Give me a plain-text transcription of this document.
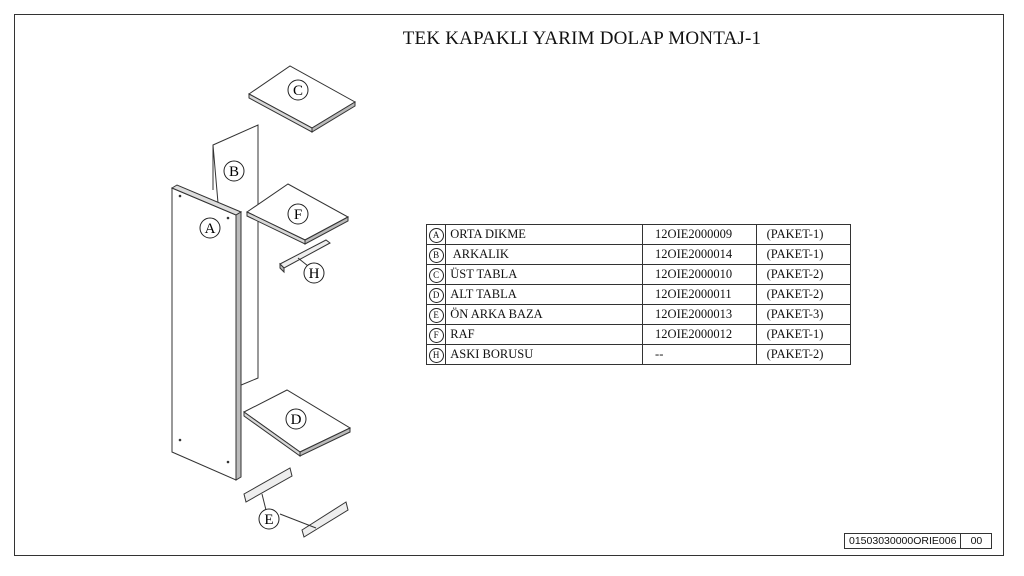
TEK KAPAKLI YARIM DOLAP MONTAJ-1
C
B
F
A
H
D
E
A	ORTA DIKME	12OIE2000009	(PAKET-1)
B	ARKALIK	12OIE2000014	(PAKET-1)
C	ÜST TABLA	12OIE2000010	(PAKET-2)
D	ALT TABLA	12OIE2000011	(PAKET-2)
E	ÖN ARKA BAZA	12OIE2000013	(PAKET-3)
F	RAF	12OIE2000012	(PAKET-1)
H	ASKI BORUSU	--	(PAKET-2)
01503030000ORIE006	00
